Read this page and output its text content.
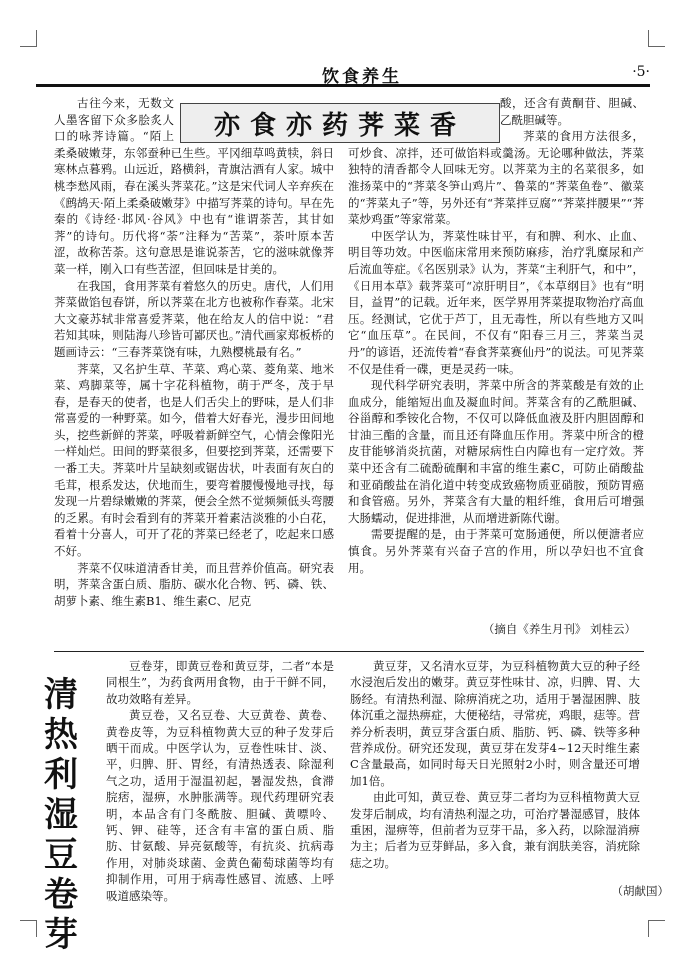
饮食养生	·5·
亦食亦药荠菜香

古往今来，无数文人墨客留下众多脍炙人口的咏荠诗篇。“陌上柔桑破嫩芽，东邻蚕种已生些。平冈细草鸣黄犊，斜日寒林点暮鸦。山远近，路横斜，青旗沽酒有人家。城中桃李愁风雨，春在溪头荠菜花。”这是宋代词人辛弃疾在《鹧鸪天·陌上柔桑破嫩芽》中描写荠菜的诗句。早在先秦的《诗经·邶风·谷风》中也有“谁谓荼苦，其甘如荠”的诗句。历代将“荼”注释为“苦菜”，荼叶原本苦涩，故称苦荼。这句意思是谁说荼苦，它的滋味就像荠菜一样，刚入口有些苦涩，但回味是甘美的。

在我国，食用荠菜有着悠久的历史。唐代，人们用荠菜做馅包春饼，所以荠菜在北方也被称作春菜。北宋大文豪苏轼非常喜爱荠菜，他在给友人的信中说：“君若知其味，则陆海八珍皆可鄙厌也。”清代画家郑板桥的题画诗云：“三春荠菜饶有味，九熟樱桃最有名。”

荠菜，又名护生草、芊菜、鸡心菜、菱角菜、地米菜、鸡脚菜等，属十字花科植物，萌于严冬，茂于早春，是春天的使者，也是人们舌尖上的野味，是人们非常喜爱的一种野菜。如今，借着大好春光，漫步田间地头，挖些新鲜的荠菜，呼吸着新鲜空气，心情会像阳光一样灿烂。田间的野菜很多，但要挖到荠菜，还需要下一番工夫。荠菜叶片呈缺刻或锯齿状，叶表面有灰白的毛茸，根系发达，伏地而生，要弯着腰慢慢地寻找，每发现一片碧绿嫩嫩的荠菜，便会全然不觉频频低头弯腰的乏累。有时会看到有的荠菜开着素洁淡雅的小白花，看着十分喜人，可开了花的荠菜已经老了，吃起来口感不好。

荠菜不仅味道清香甘美，而且营养价值高。研究表明，荠菜含蛋白质、脂肪、碳水化合物、钙、磷、铁、胡萝卜素、维生素B1、维生素C、尼克

酸，还含有黄酮苷、胆碱、乙酰胆碱等。

荠菜的食用方法很多，可炒食、凉拌，还可做馅料或羹汤。无论哪种做法，荠菜独特的清香都令人回味无穷。以荠菜为主的名菜很多，如淮扬菜中的“荠菜冬笋山鸡片”、鲁菜的“荠菜鱼卷”、徽菜的“荠菜丸子”等，另外还有“荠菜拌豆腐”“荠菜拌腰果”“荠菜炒鸡蛋”等家常菜。

中医学认为，荠菜性味甘平，有和脾、利水、止血、明目等功效。中医临床常用来预防麻疹，治疗乳糜尿和产后流血等症。《名医别录》认为，荠菜“主利肝气，和中”，《日用本草》载荠菜可“凉肝明目”，《本草纲目》也有“明目，益胃”的记载。近年来，医学界用荠菜提取物治疗高血压。经测试，它优于芦丁，且无毒性，所以有些地方又叫它“血压草”。在民间，不仅有“阳春三月三，荠菜当灵丹”的谚语，还流传着“春食荠菜赛仙丹”的说法。可见荠菜不仅是佳肴一碟，更是灵药一味。

现代科学研究表明，荠菜中所含的荠菜酸是有效的止血成分，能缩短出血及凝血时间。荠菜含有的乙酰胆碱、谷甾醇和季铵化合物，不仅可以降低血液及肝内胆固醇和甘油三酯的含量，而且还有降血压作用。荠菜中所含的橙皮苷能够消炎抗菌，对糖尿病性白内障也有一定疗效。荠菜中还含有二硫酚硫酮和丰富的维生素C，可防止硝酸盐和亚硝酸盐在消化道中转变成致癌物质亚硝胺，预防胃癌和食管癌。另外，荠菜含有大量的粗纤维，食用后可增强大肠蠕动，促进排泄，从而增进新陈代谢。

需要提醒的是，由于荠菜可宽肠通便，所以便溏者应慎食。另外荠菜有兴奋子宫的作用，所以孕妇也不宜食用。

（摘自《养生月刊》 刘桂云）
清
热
利
湿
豆
卷
芽

豆卷芽，即黄豆卷和黄豆芽，二者“本是同根生”，为药食两用食物，由于干鲜不同，故功效略有差异。

黄豆卷，又名豆卷、大豆黄卷、黄卷、黄卷皮等，为豆科植物黄大豆的种子发芽后晒干而成。中医学认为，豆卷性味甘、淡、平，归脾、肝、胃经，有清热透表、除湿利气之功，适用于湿温初起，暑湿发热，食滞脘痞，湿痹，水肿胀满等。现代药理研究表明，本品含有门冬酰胺、胆碱、黄嘌呤、钙、钾、硅等，还含有丰富的蛋白质、脂肪、甘氨酸、异亮氨酸等，有抗炎、抗病毒作用，对肺炎球菌、金黄色葡萄球菌等均有抑制作用，可用于病毒性感冒、流感、上呼吸道感染等。

黄豆芽，又名清水豆芽，为豆科植物黄大豆的种子经水浸泡后发出的嫩芽。黄豆芽性味甘、凉，归脾、胃、大肠经。有清热利湿、除痹消疣之功，适用于暑湿困脾、肢体沉重之湿热痹症，大便秘结，寻常疣，鸡眼，痣等。营养分析表明，黄豆芽含蛋白质、脂肪、钙、磷、铁等多种营养成份。研究还发现，黄豆芽在发芽4~12天时维生素C含量最高，如同时每天日光照射2小时，则含量还可增加1倍。

由此可知，黄豆卷、黄豆芽二者均为豆科植物黄大豆发芽后制成，均有清热利湿之功，可治疗暑湿感冒，肢体重困，湿痹等，但前者为豆芽干品，多入药，以除湿消痹为主；后者为豆芽鲜品，多入食，兼有润肤美容，消疣除痣之功。

（胡献国）
